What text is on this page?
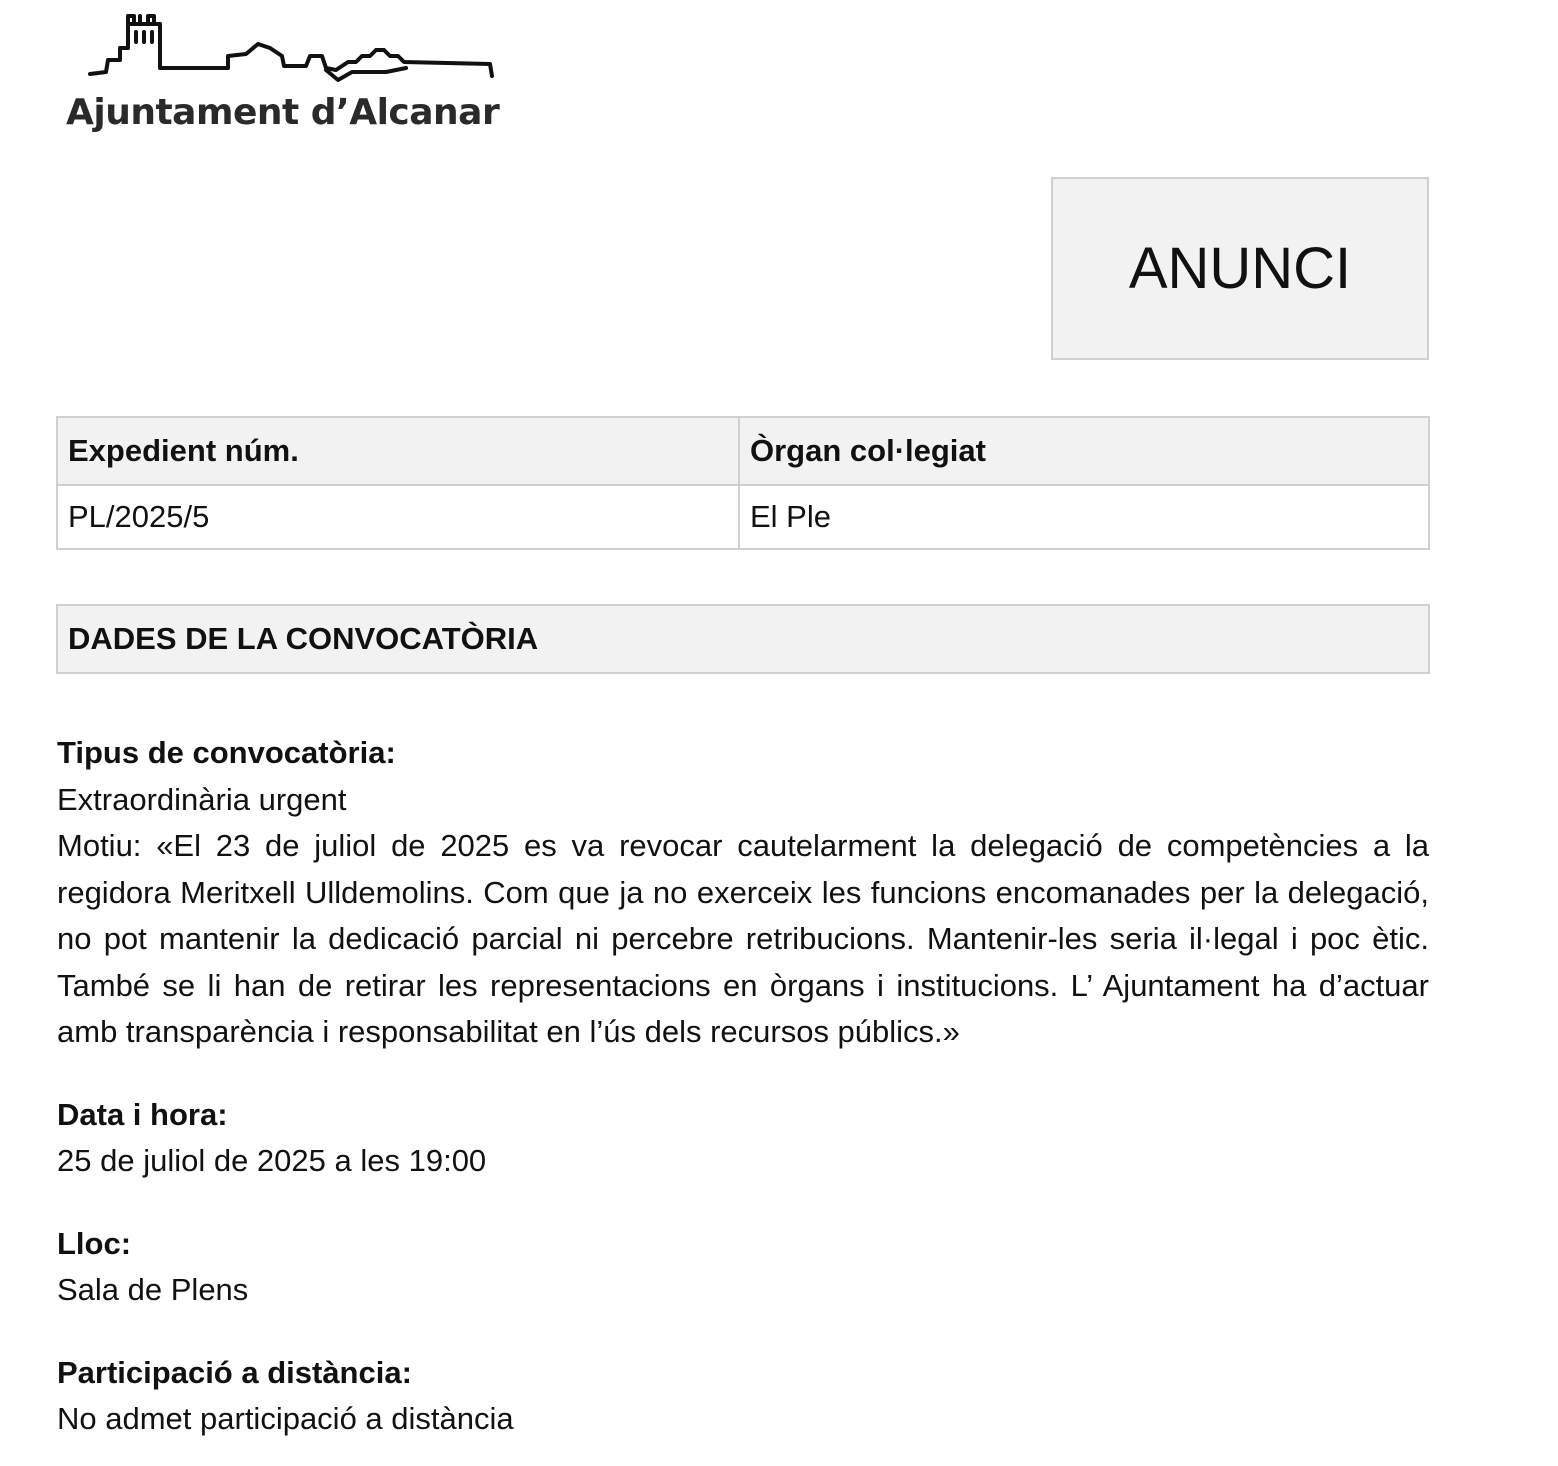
Ajuntament d’Alcanar
ANUNCI
Expedient núm.	Òrgan col·legiat
PL/2025/5	El Ple
DADES DE LA CONVOCATÒRIA
Tipus de convocatòria:
Extraordinària urgent
Motiu: «El 23 de juliol de 2025 es va revocar cautelarment la delegació de competències a la regidora Meritxell Ulldemolins. Com que ja no exerceix les funcions encomanades per la delegació, no pot mantenir la dedicació parcial ni percebre retribucions. Mantenir-les seria il·legal i poc ètic. També se li han de retirar les representacions en òrgans i institucions. L’ Ajuntament ha d’actuar amb transparència i responsabilitat en l’ús dels recursos públics.»
Data i hora:
25 de juliol de 2025 a les 19:00
Lloc:
Sala de Plens
Participació a distància:
No admet participació a distància
